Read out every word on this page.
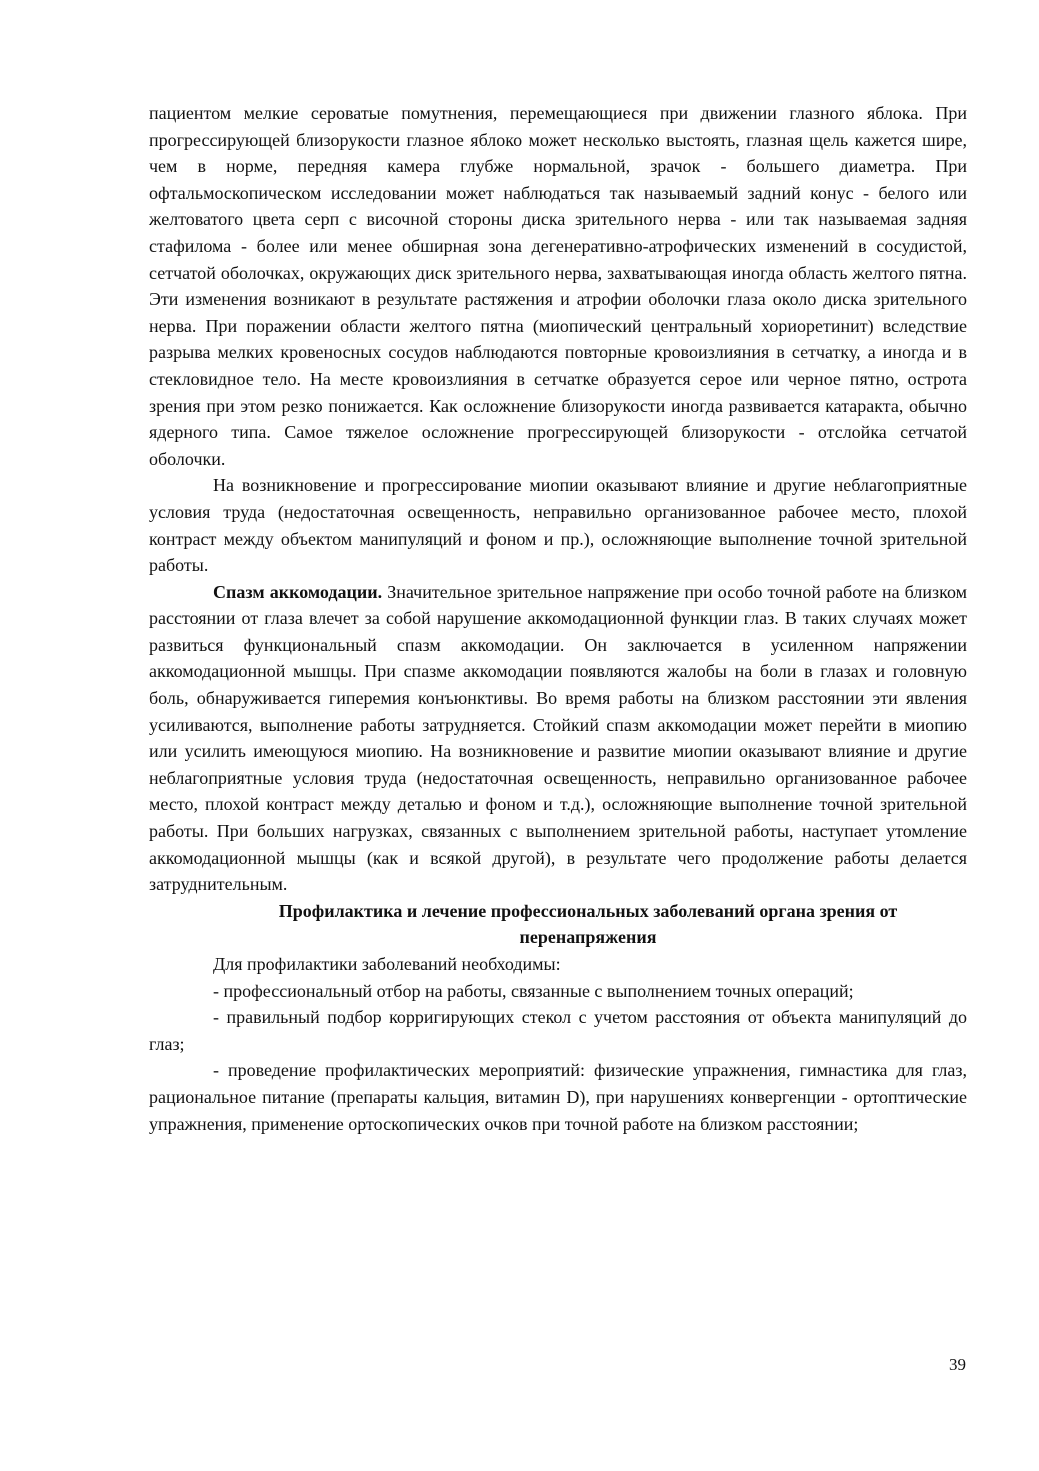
пациентом мелкие сероватые помутнения, перемещающиеся при движении глазного яблока. При прогрессирующей близорукости глазное яблоко может несколько выстоять, глазная щель кажется шире, чем в норме, передняя камера глубже нормальной, зрачок - большего диаметра. При офтальмоскопическом исследовании может наблюдаться так называемый задний конус - белого или желтоватого цвета серп с височной стороны диска зрительного нерва - или так называемая задняя стафилома - более или менее обширная зона дегенеративно-атрофических изменений в сосудистой, сетчатой оболочках, окружающих диск зрительного нерва, захватывающая иногда область желтого пятна. Эти изменения возникают в результате растяжения и атрофии оболочки глаза около диска зрительного нерва. При поражении области желтого пятна (миопический центральный хориоретинит) вследствие разрыва мелких кровеносных сосудов наблюдаются повторные кровоизлияния в сетчатку, а иногда и в стекловидное тело. На месте кровоизлияния в сетчатке образуется серое или черное пятно, острота зрения при этом резко понижается. Как осложнение близорукости иногда развивается катаракта, обычно ядерного типа. Самое тяжелое осложнение прогрессирующей близорукости - отслойка сетчатой оболочки.

На возникновение и прогрессирование миопии оказывают влияние и другие неблагоприятные условия труда (недостаточная освещенность, неправильно организованное рабочее место, плохой контраст между объектом манипуляций и фоном и пр.), осложняющие выполнение точной зрительной работы.

Спазм аккомодации. Значительное зрительное напряжение при особо точной работе на близком расстоянии от глаза влечет за собой нарушение аккомодационной функции глаз. В таких случаях может развиться функциональный спазм аккомодации. Он заключается в усиленном напряжении аккомодационной мышцы. При спазме аккомодации появляются жалобы на боли в глазах и головную боль, обнаруживается гиперемия конъюнктивы. Во время работы на близком расстоянии эти явления усиливаются, выполнение работы затрудняется. Стойкий спазм аккомодации может перейти в миопию или усилить имеющуюся миопию. На возникновение и развитие миопии оказывают влияние и другие неблагоприятные условия труда (недостаточная освещенность, неправильно организованное рабочее место, плохой контраст между деталью и фоном и т.д.), осложняющие выполнение точной зрительной работы. При больших нагрузках, связанных с выполнением зрительной работы, наступает утомление аккомодационной мышцы (как и всякой другой), в результате чего продолжение работы делается затруднительным.

Профилактика и лечение профессиональных заболеваний органа зрения от перенапряжения

Для профилактики заболеваний необходимы:

- профессиональный отбор на работы, связанные с выполнением точных операций;

- правильный подбор корригирующих стекол с учетом расстояния от объекта манипуляций до глаз;

- проведение профилактических мероприятий: физические упражнения, гимнастика для глаз, рациональное питание (препараты кальция, витамин D), при нарушениях конвергенции - ортоптические упражнения, применение ортоскопических очков при точной работе на близком расстоянии;

39
